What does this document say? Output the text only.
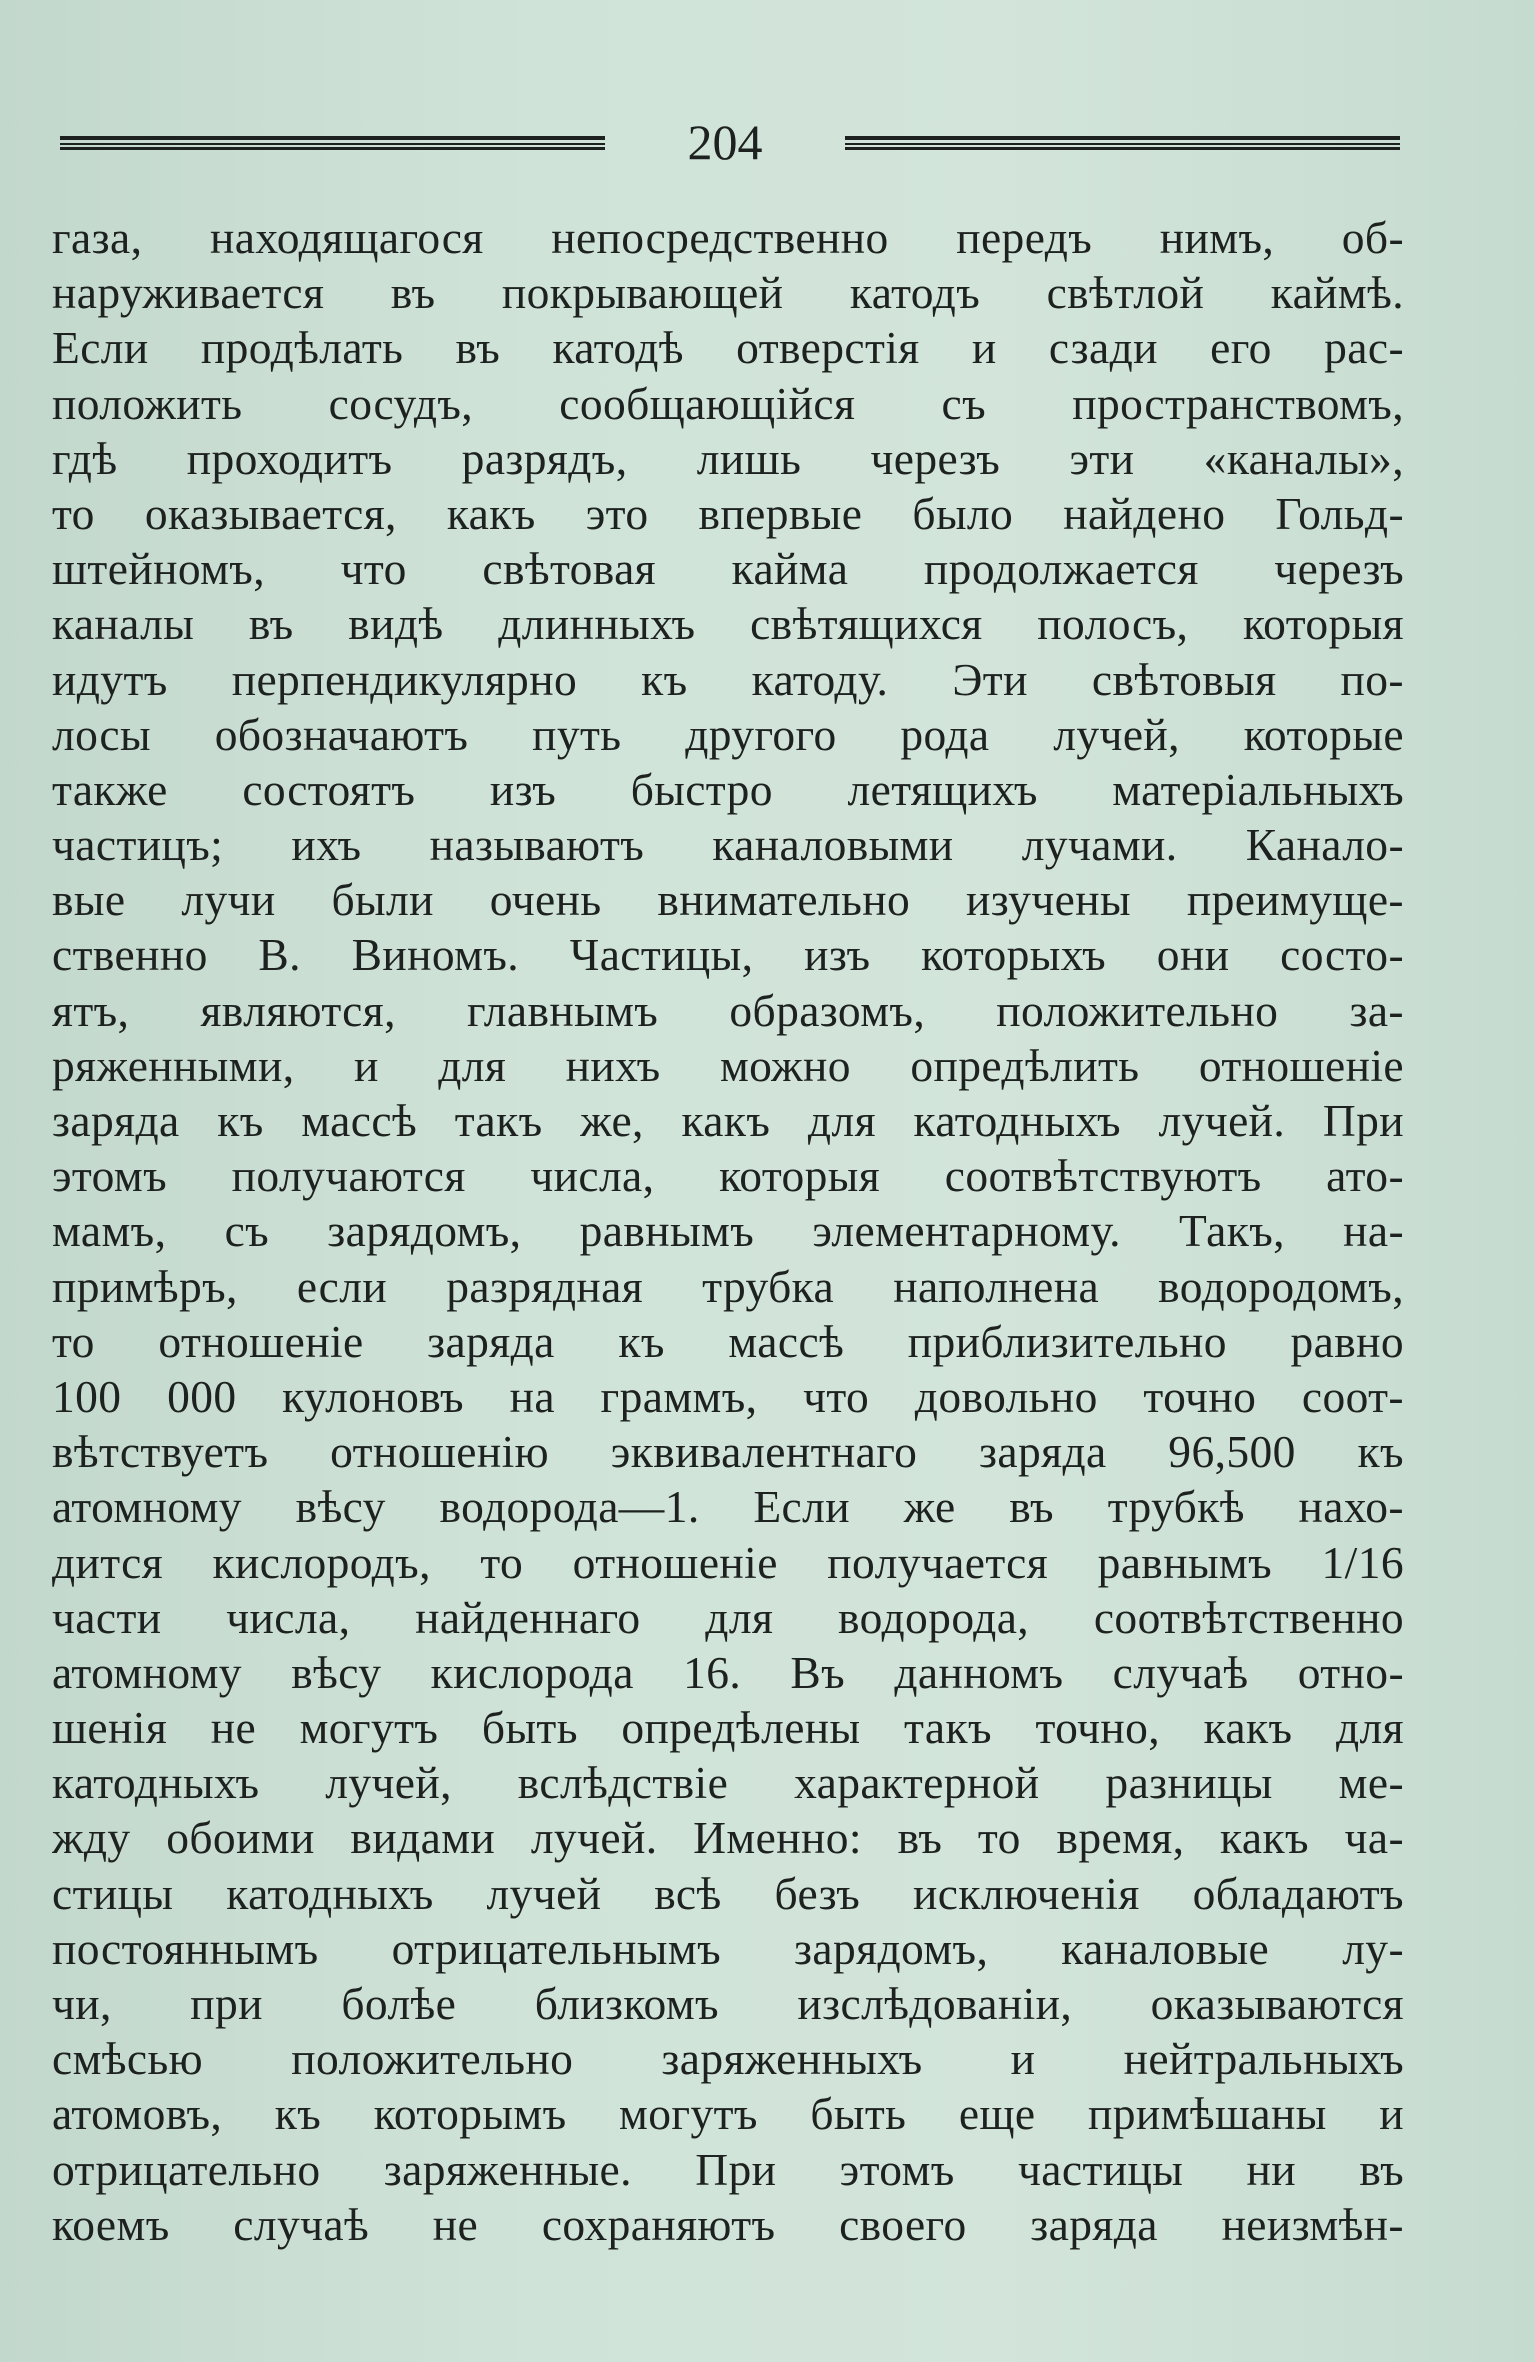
204
газа, находящагося непосредственно передъ нимъ, об-
наруживается въ покрывающей катодъ свѣтлой каймѣ.
Если продѣлать въ катодѣ отверстія и сзади его рас-
положить сосудъ, сообщающійся съ пространствомъ,
гдѣ проходитъ разрядъ, лишь черезъ эти «каналы»,
то оказывается, какъ это впервые было найдено Гольд-
штейномъ, что свѣтовая кайма продолжается черезъ
каналы въ видѣ длинныхъ свѣтящихся полосъ, которыя
идутъ перпендикулярно къ катоду. Эти свѣтовыя по-
лосы обозначаютъ путь другого рода лучей, которые
также состоятъ изъ быстро летящихъ матеріальныхъ
частицъ; ихъ называютъ каналовыми лучами. Канало-
вые лучи были очень внимательно изучены преимуще-
ственно В. Виномъ. Частицы, изъ которыхъ они состо-
ятъ, являются, главнымъ образомъ, положительно за-
ряженными, и для нихъ можно опредѣлить отношеніе
заряда къ массѣ такъ же, какъ для катодныхъ лучей. При
этомъ получаются числа, которыя соотвѣтствуютъ ато-
мамъ, съ зарядомъ, равнымъ элементарному. Такъ, на-
примѣръ, если разрядная трубка наполнена водородомъ,
то отношеніе заряда къ массѣ приблизительно равно
100 000 кулоновъ на граммъ, что довольно точно соот-
вѣтствуетъ отношенію эквивалентнаго заряда 96,500 къ
атомному вѣсу водорода—1. Если же въ трубкѣ нахо-
дится кислородъ, то отношеніе получается равнымъ 1/16
части числа, найденнаго для водорода, соотвѣтственно
атомному вѣсу кислорода 16. Въ данномъ случаѣ отно-
шенія не могутъ быть опредѣлены такъ точно, какъ для
катодныхъ лучей, вслѣдствіе характерной разницы ме-
жду обоими видами лучей. Именно: въ то время, какъ ча-
стицы катодныхъ лучей всѣ безъ исключенія обладаютъ
постояннымъ отрицательнымъ зарядомъ, каналовые лу-
чи, при болѣе близкомъ изслѣдованіи, оказываются
смѣсью положительно заряженныхъ и нейтральныхъ
атомовъ, къ которымъ могутъ быть еще примѣшаны и
отрицательно заряженные. При этомъ частицы ни въ
коемъ случаѣ не сохраняютъ своего заряда неизмѣн-
